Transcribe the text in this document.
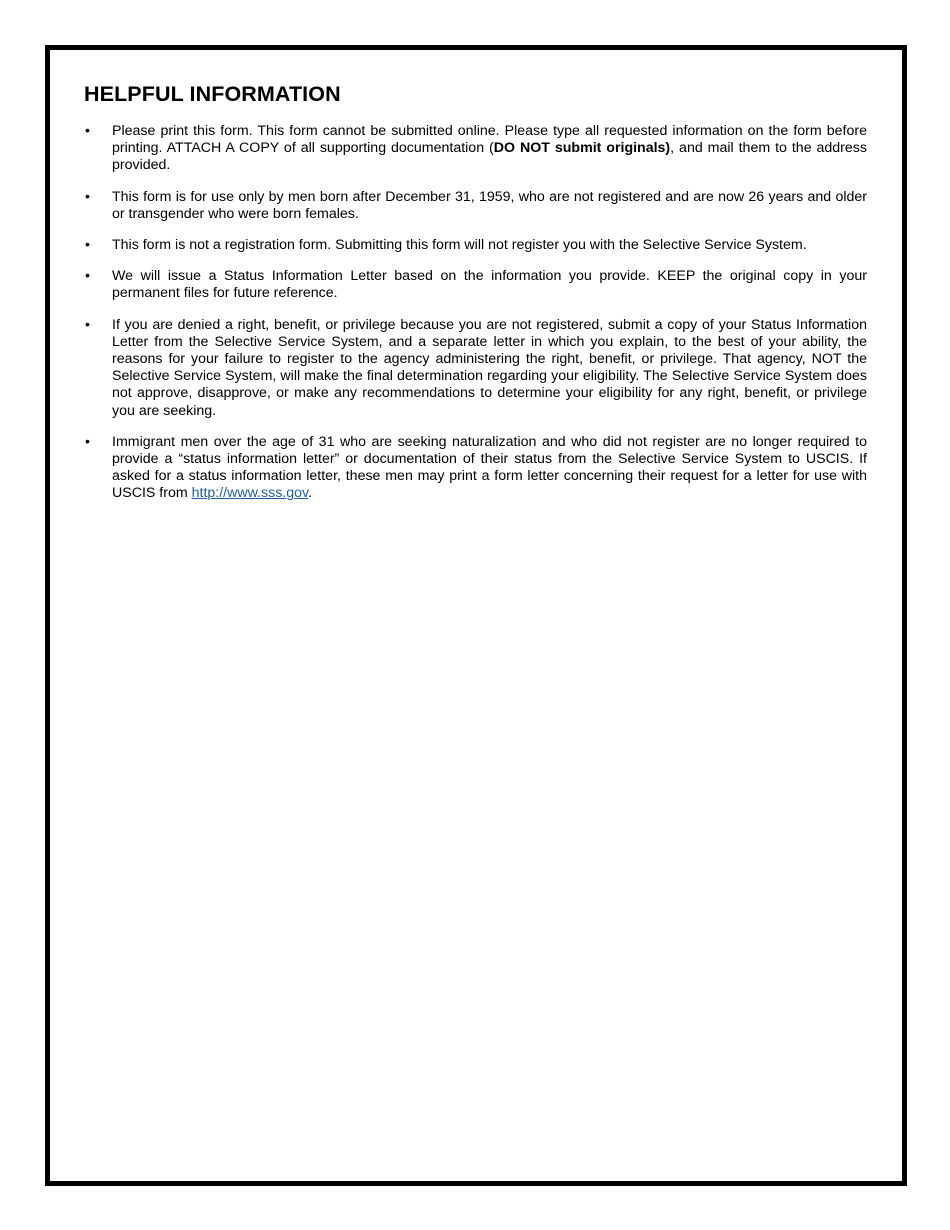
HELPFUL INFORMATION
•	Please print this form. This form cannot be submitted online. Please type all requested information on the form before printing. ATTACH A COPY of all supporting documentation (DO NOT submit originals), and mail them to the address provided.
•	This form is for use only by men born after December 31, 1959, who are not registered and are now 26 years and older or transgender who were born females.
•	This form is not a registration form. Submitting this form will not register you with the Selective Service System.
•	We will issue a Status Information Letter based on the information you provide. KEEP the original copy in your permanent files for future reference.
•	If you are denied a right, benefit, or privilege because you are not registered, submit a copy of your Status Information Letter from the Selective Service System, and a separate letter in which you explain, to the best of your ability, the reasons for your failure to register to the agency administering the right, benefit, or privilege. That agency, NOT the Selective Service System, will make the final determination regarding your eligibility. The Selective Service System does not approve, disapprove, or make any recommendations to determine your eligibility for any right, benefit, or privilege you are seeking.
•	Immigrant men over the age of 31 who are seeking naturalization and who did not register are no longer required to provide a “status information letter” or documentation of their status from the Selective Service System to USCIS. If asked for a status information letter, these men may print a form letter concerning their request for a letter for use with USCIS from http://www.sss.gov.
